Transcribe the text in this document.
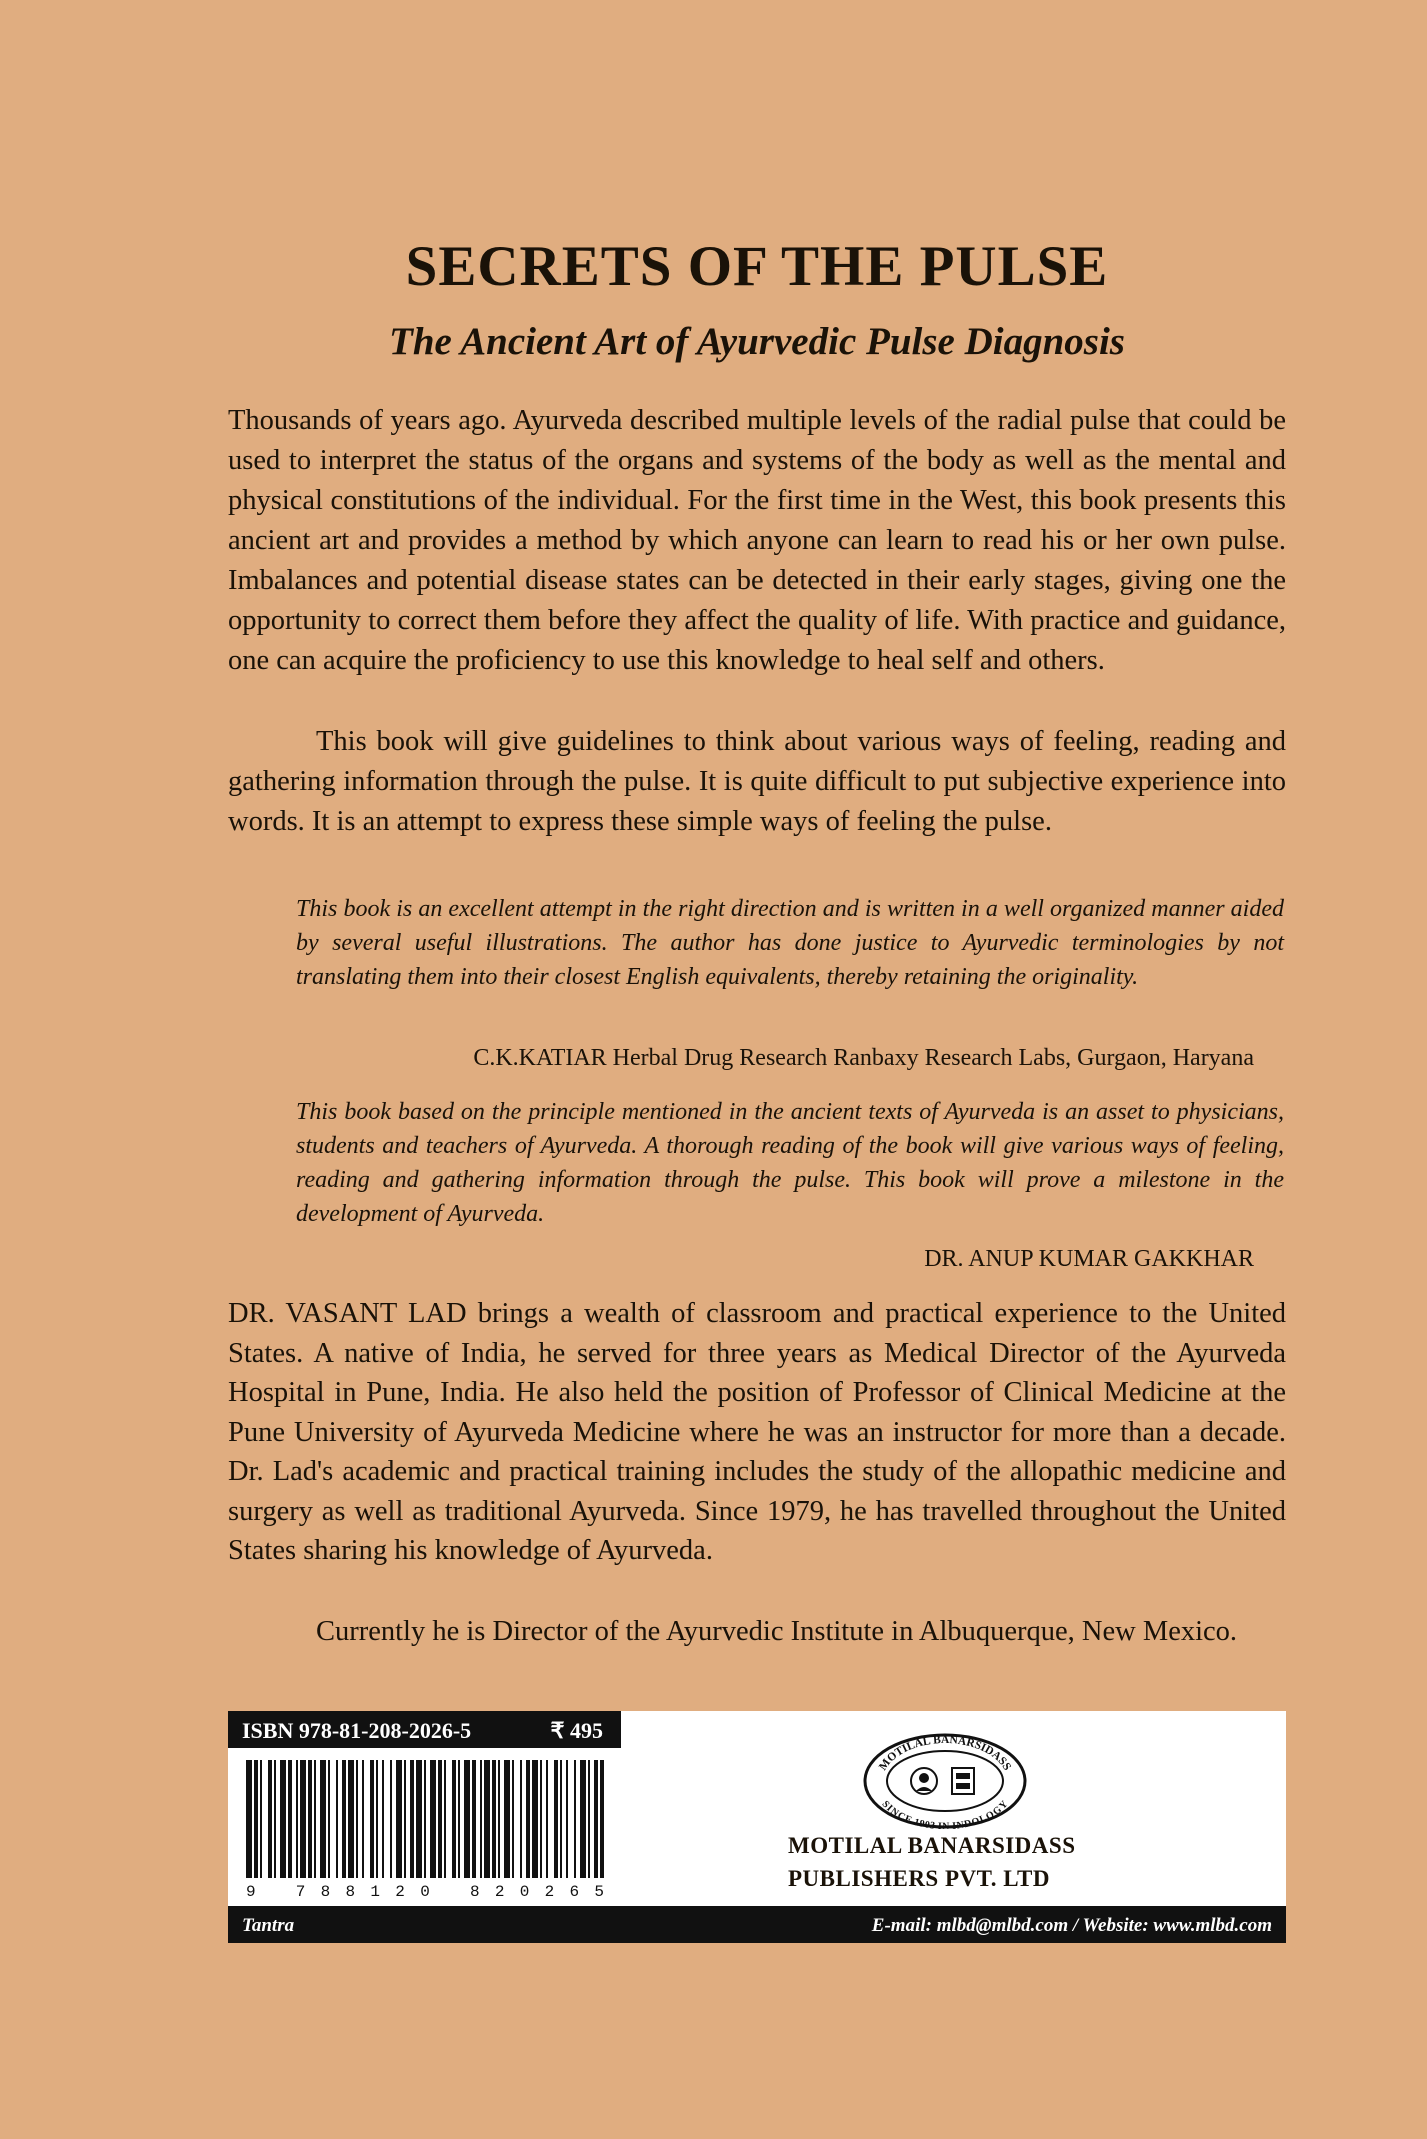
SECRETS OF THE PULSE

The Ancient Art of Ayurvedic Pulse Diagnosis

Thousands of years ago. Ayurveda described multiple levels of the radial pulse that could be used to interpret the status of the organs and systems of the body as well as the mental and physical constitutions of the individual. For the first time in the West, this book presents this ancient art and provides a method by which anyone can learn to read his or her own pulse. Imbalances and potential disease states can be detected in their early stages, giving one the opportunity to correct them before they affect the quality of life. With practice and guidance, one can acquire the proficiency to use this knowledge to heal self and others.

This book will give guidelines to think about various ways of feeling, reading and gathering information through the pulse. It is quite difficult to put subjective experience into words. It is an attempt to express these simple ways of feeling the pulse.

This book is an excellent attempt in the right direction and is written in a well organized manner aided by several useful illustrations. The author has done justice to Ayurvedic terminologies by not translating them into their closest English equivalents, thereby retaining the originality.

C.K.KATIAR Herbal Drug Research Ranbaxy Research Labs, Gurgaon, Haryana

This book based on the principle mentioned in the ancient texts of Ayurveda is an asset to physicians, students and teachers of Ayurveda. A thorough reading of the book will give various ways of feeling, reading and gathering information through the pulse. This book will prove a milestone in the development of Ayurveda.

DR. ANUP KUMAR GAKKHAR

DR. VASANT LAD brings a wealth of classroom and practical experience to the United States. A native of India, he served for three years as Medical Director of the Ayurveda Hospital in Pune, India. He also held the position of Professor of Clinical Medicine at the Pune University of Ayurveda Medicine where he was an instructor for more than a decade. Dr. Lad's academic and practical training includes the study of the allopathic medicine and surgery as well as traditional Ayurveda. Since 1979, he has travelled throughout the United States sharing his knowledge of Ayurveda.

Currently he is Director of the Ayurvedic Institute in Albuquerque, New Mexico.

ISBN 978-81-208-2026-5	₹ 495
9 788120 820265
MOTILAL BANARSIDASS
SINCE 1903 IN INDOLOGY
MOTILAL BANARSIDASS
PUBLISHERS PVT. LTD
Tantra	E-mail: mlbd@mlbd.com / Website: www.mlbd.com
